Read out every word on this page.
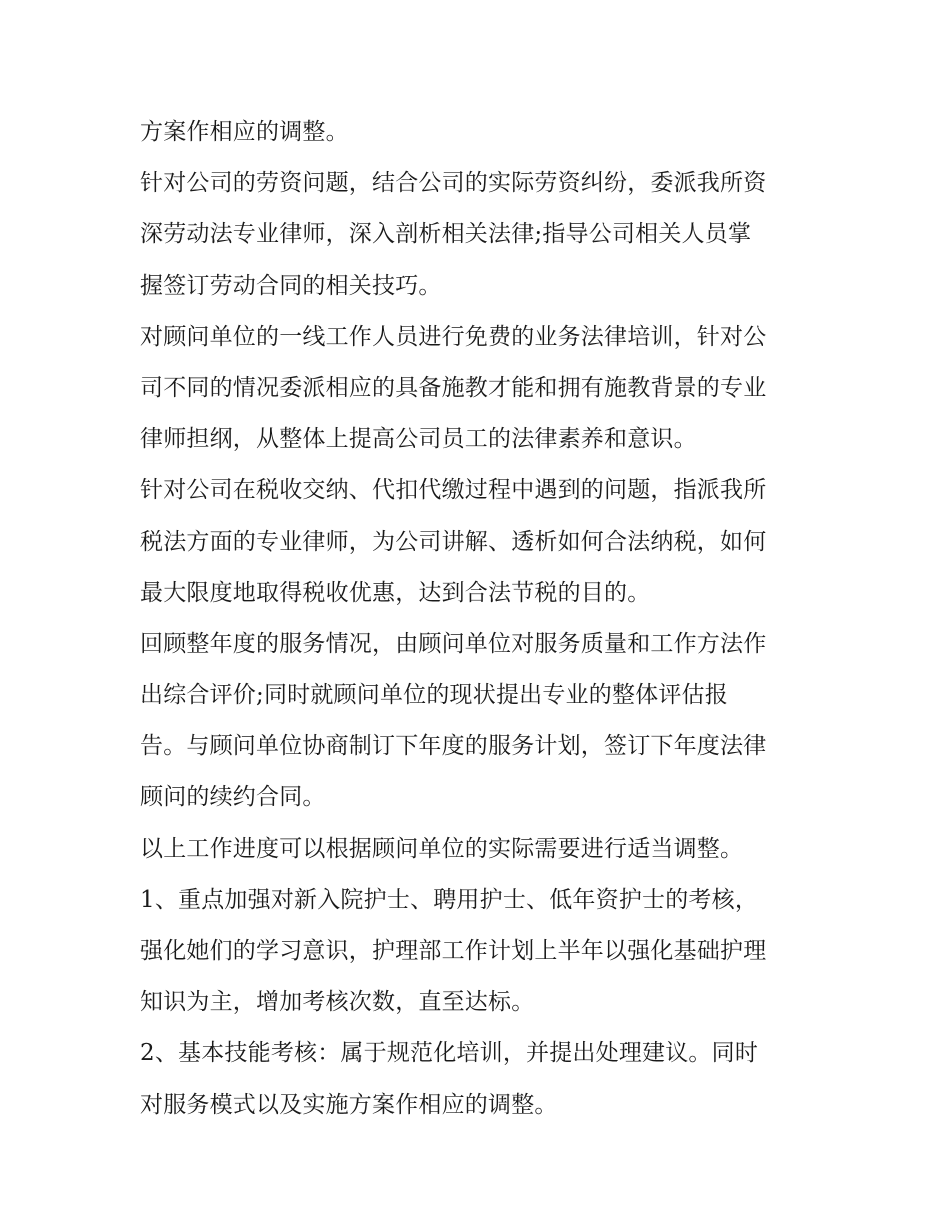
方案作相应的调整。

针对公司的劳资问题，结合公司的实际劳资纠纷，委派我所资

深劳动法专业律师，深入剖析相关法律;指导公司相关人员掌

握签订劳动合同的相关技巧。

对顾问单位的一线工作人员进行免费的业务法律培训，针对公

司不同的情况委派相应的具备施教才能和拥有施教背景的专业

律师担纲，从整体上提高公司员工的法律素养和意识。

针对公司在税收交纳、代扣代缴过程中遇到的问题，指派我所

税法方面的专业律师，为公司讲解、透析如何合法纳税，如何

最大限度地取得税收优惠，达到合法节税的目的。

回顾整年度的服务情况，由顾问单位对服务质量和工作方法作

出综合评价;同时就顾问单位的现状提出专业的整体评估报

告。与顾问单位协商制订下年度的服务计划，签订下年度法律

顾问的续约合同。

以上工作进度可以根据顾问单位的实际需要进行适当调整。

1、重点加强对新入院护士、聘用护士、低年资护士的考核，

强化她们的学习意识，护理部工作计划上半年以强化基础护理

知识为主，增加考核次数，直至达标。

2、基本技能考核：属于规范化培训，并提出处理建议。同时

对服务模式以及实施方案作相应的调整。
